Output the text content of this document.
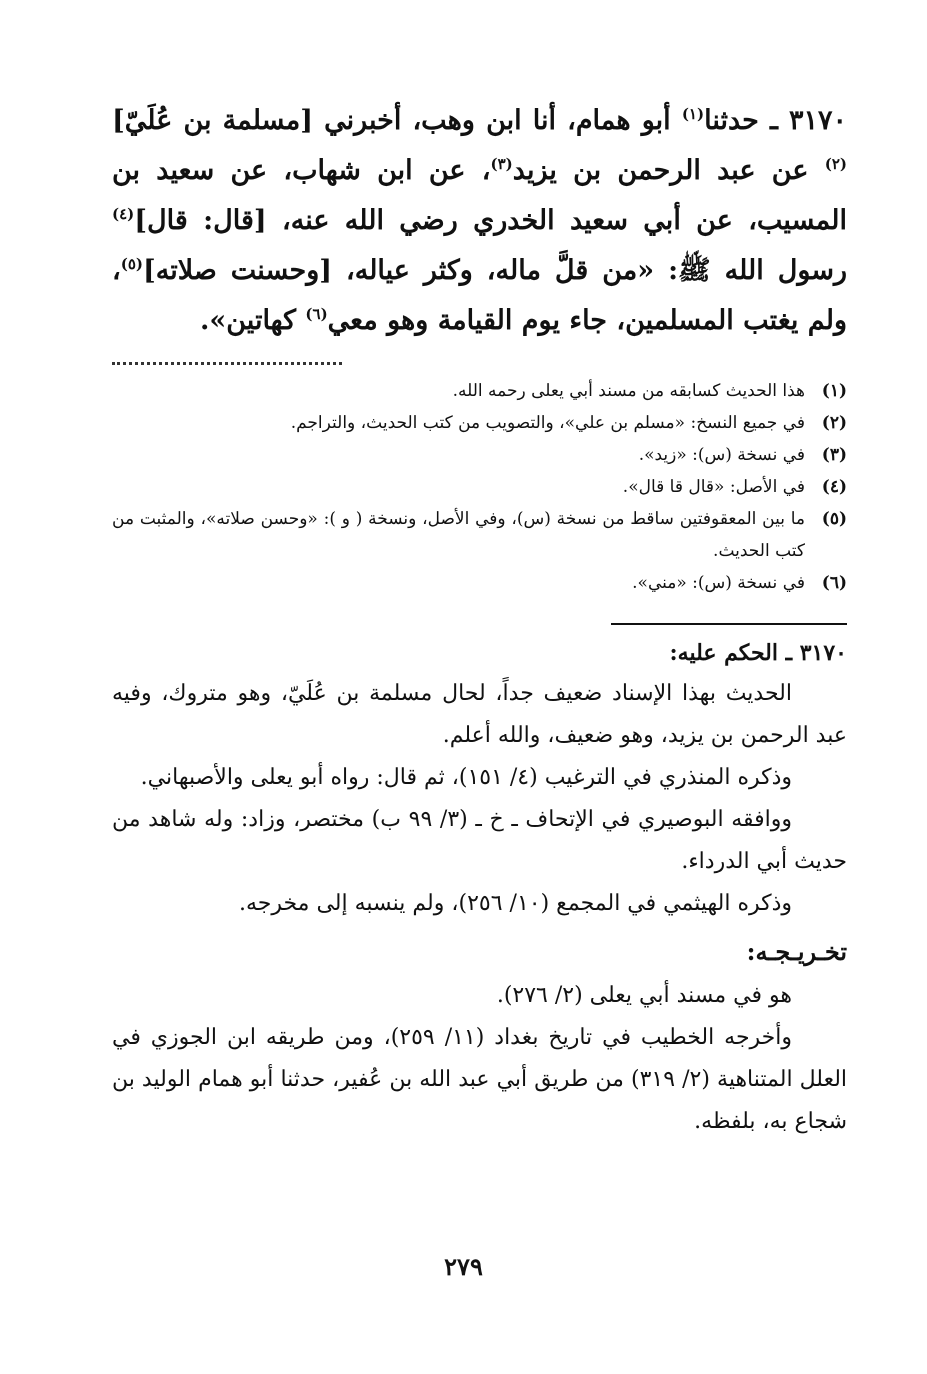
٣١٧٠ ـ حدثنا$^{(١)}$ أبو همام، أنا ابن وهب، أخبرني [مسلمة بن عُلَيّ]$^{(٢)}$ عن عبد الرحمن بن يزيد$^{(٣)}$، عن ابن شهاب، عن سعيد بن المسيب، عن أبي سعيد الخدري رضي الله عنه، [قال: قال]$^{(٤)}$ رسول الله ﷺ: «من قلَّ ماله، وكثر عياله، [وحسنت صلاته]$^{(٥)}$، ولم يغتب المسلمين، جاء يوم القيامة وهو معي$^{(٦)}$ كهاتين».

(١)
هذا الحديث كسابقه من مسند أبي يعلى رحمه الله.
(٢)
في جميع النسخ: «مسلم بن علي»، والتصويب من كتب الحديث، والتراجم.
(٣)
في نسخة (س): «زيد».
(٤)
في الأصل: «قال قا قال».
(٥)
ما بين المعقوفتين ساقط من نسخة (س)، وفي الأصل، ونسخة ( و ): «وحسن صلاته»، والمثبت من كتب الحديث.
(٦)
في نسخة (س): «مني».

٣١٧٠ ـ الحكم عليه:

الحديث بهذا الإسناد ضعيف جداً، لحال مسلمة بن عُلَيّ، وهو متروك، وفيه عبد الرحمن بن يزيد، وهو ضعيف، والله أعلم.

وذكره المنذري في الترغيب (٤/ ١٥١)، ثم قال: رواه أبو يعلى والأصبهاني.

ووافقه البوصيري في الإتحاف ـ خ ـ (٣/ ٩٩ ب) مختصر، وزاد: وله شاهد من حديث أبي الدرداء.

وذكره الهيثمي في المجمع (١٠/ ٢٥٦)، ولم ينسبه إلى مخرجه.

تخـريـجـه:

هو في مسند أبي يعلى (٢/ ٢٧٦).

وأخرجه الخطيب في تاريخ بغداد (١١/ ٢٥٩)، ومن طريقه ابن الجوزي في العلل المتناهية (٢/ ٣١٩) من طريق أبي عبد الله بن عُفير، حدثنا أبو همام الوليد بن شجاع به، بلفظه.

٢٧٩
